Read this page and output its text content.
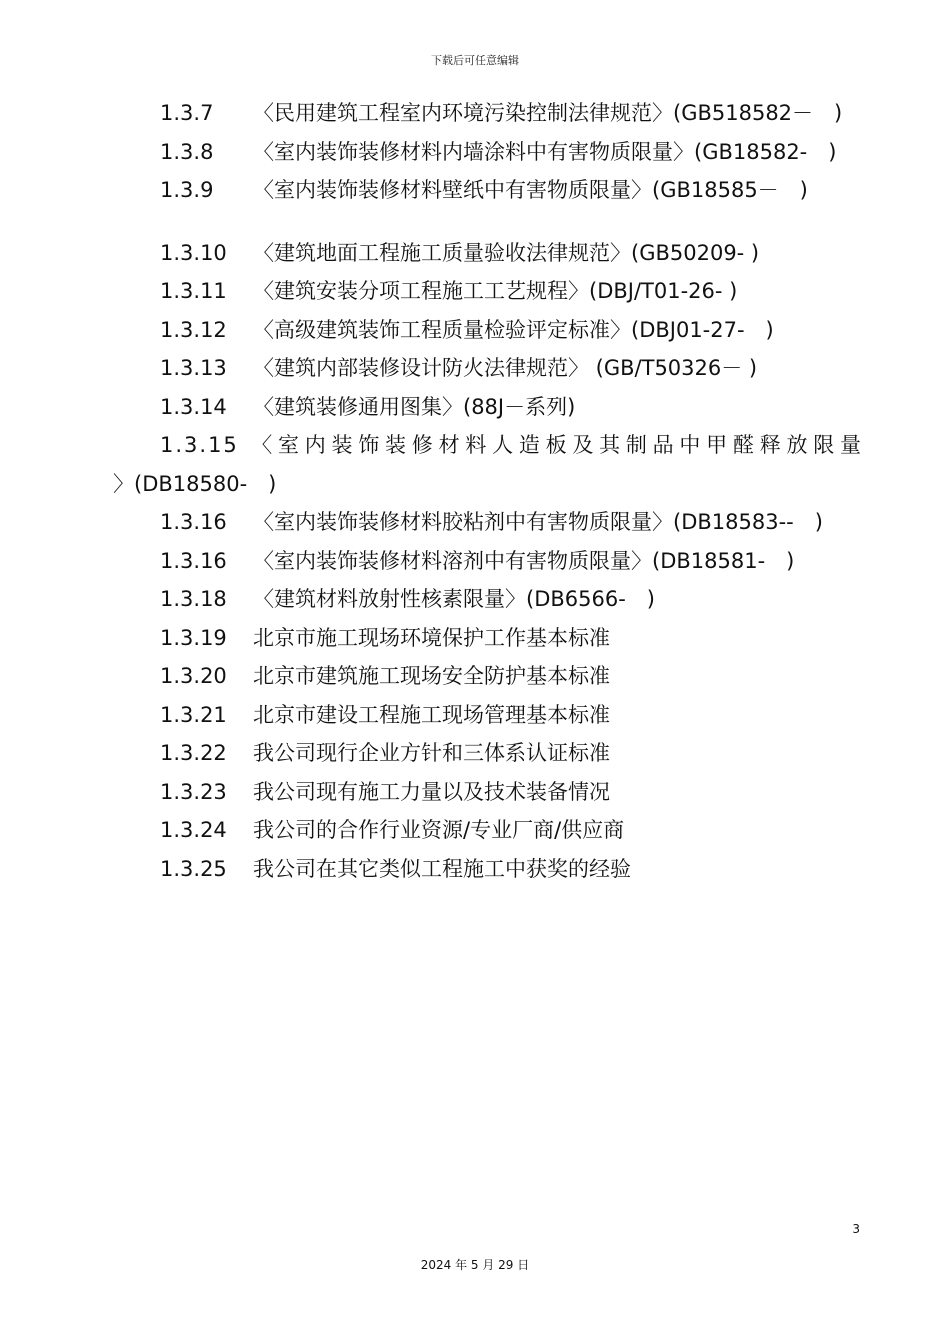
下载后可任意编辑
1.3.7 〈民用建筑工程室内环境污染控制法律规范〉(GB518582－　)
1.3.8 〈室内装饰装修材料内墙涂料中有害物质限量〉(GB18582-　)
1.3.9 〈室内装饰装修材料壁纸中有害物质限量〉(GB18585－　)
1.3.10 〈建筑地面工程施工质量验收法律规范〉(GB50209- )
1.3.11 〈建筑安装分项工程施工工艺规程〉(DBJ/T01-26- )
1.3.12 〈高级建筑装饰工程质量检验评定标准〉(DBJ01-27-　)
1.3.13 〈建筑内部装修设计防火法律规范〉 (GB/T50326－ )
1.3.14 〈建筑装修通用图集〉(88J－系列)
1.3.15 〈室内装饰装修材料人造板及其制品中甲醛释放限量
〉(DB18580-　)
1.3.16 〈室内装饰装修材料胶粘剂中有害物质限量〉(DB18583--　)
1.3.16 〈室内装饰装修材料溶剂中有害物质限量〉(DB18581-　)
1.3.18 〈建筑材料放射性核素限量〉(DB6566-　)
1.3.19 北京市施工现场环境保护工作基本标准
1.3.20 北京市建筑施工现场安全防护基本标准
1.3.21 北京市建设工程施工现场管理基本标准
1.3.22 我公司现行企业方针和三体系认证标准
1.3.23 我公司现有施工力量以及技术装备情况
1.3.24 我公司的合作行业资源/专业厂商/供应商
1.3.25 我公司在其它类似工程施工中获奖的经验
3
2024 年 5 月 29 日
